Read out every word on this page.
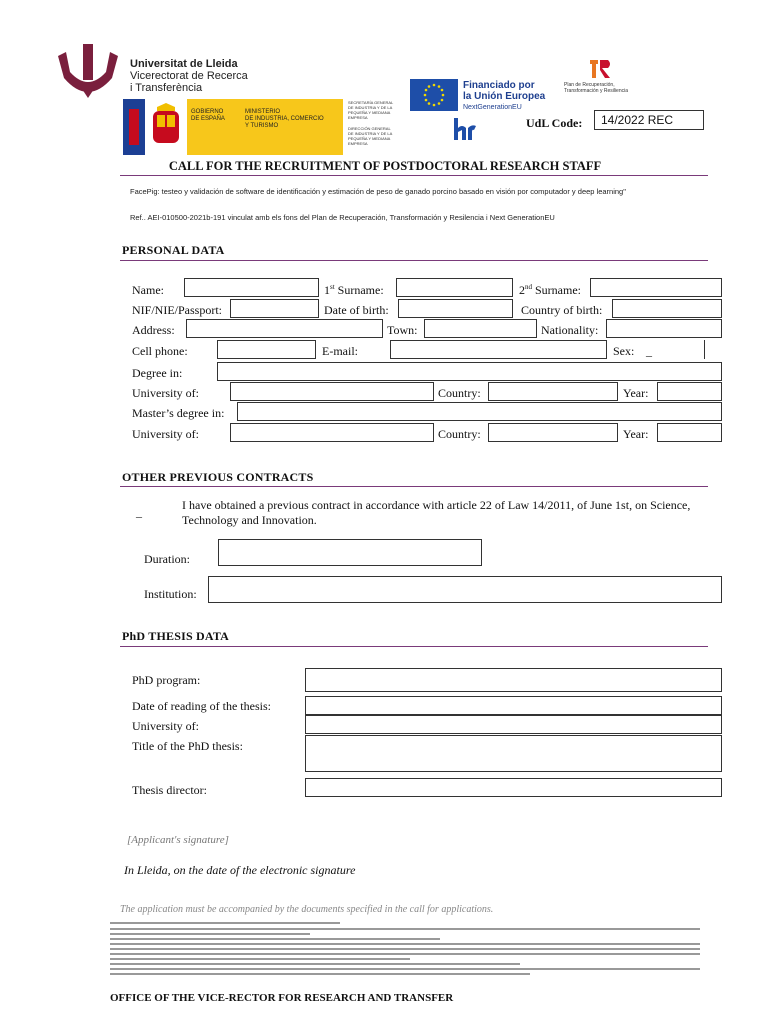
Universitat de Lleida
Vicerectorat de Recerca
i Transferència
GOBIERNO
DE ESPAÑA
MINISTERIO
DE INDUSTRIA, COMERCIO
Y TURISMO
SECRETARÍA GENERAL
DE INDUSTRIA Y DE LA
PEQUEÑA Y MEDIANA
EMPRESA
DIRECCIÓN GENERAL
DE INDUSTRIA Y DE LA
PEQUEÑA Y MEDIANA
EMPRESA
Financiado por
la Unión Europea
NextGenerationEU
Plan de Recuperación,
Transformación y Resiliencia
UdL Code: 14/2022 REC
CALL FOR THE RECRUITMENT OF POSTDOCTORAL RESEARCH STAFF
FacePig: testeo y validación de software de identificación y estimación de peso de ganado porcino basado en visión por computador y deep learning"
Ref.. AEI-010500-2021b-191 vinculat amb els fons del Plan de Recuperación, Transformación y Resilencia i Next GenerationEU
PERSONAL DATA
Name:	1st Surname:	2nd Surname:
NIF/NIE/Passport:	Date of birth:	Country of birth:
Address:	Town:	Nationality:
Cell phone:	E-mail:	Sex: _
Degree in:
University of:	Country:	Year:
Master’s degree in:
University of:	Country:	Year:
OTHER PREVIOUS CONTRACTS
_	I have obtained a previous contract in accordance with article 22 of Law 14/2011, of June 1st, on Science, Technology and Innovation.
Duration:
Institution:
PhD THESIS DATA
PhD program:
Date of reading of the thesis:
University of:
Title of the PhD thesis:
Thesis director:
[Applicant's signature]
In Lleida, on the date of the electronic signature
The application must be accompanied by the documents specified in the call for applications.
OFFICE OF THE VICE-RECTOR FOR RESEARCH AND TRANSFER
